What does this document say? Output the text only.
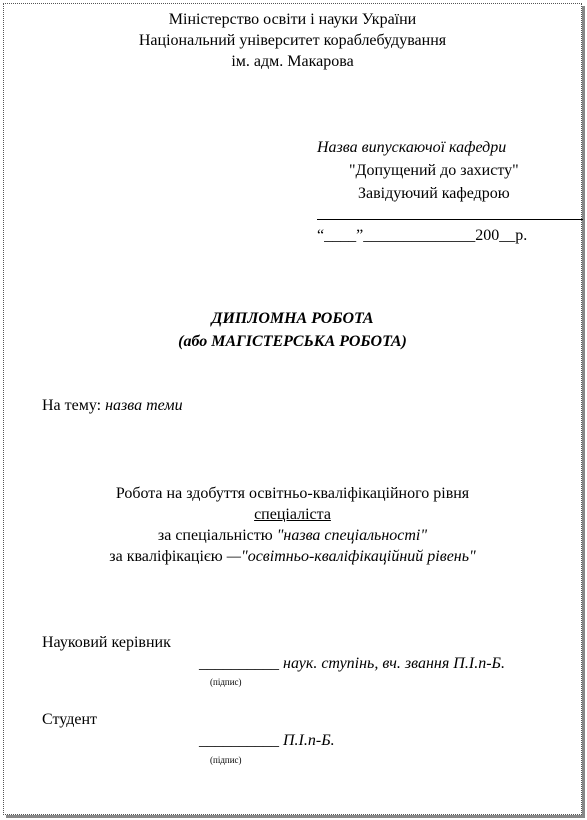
Міністерство освіти і науки України
Національний університет кораблебудування
ім. адм. Макарова
Назва випускаючої кафедри
"Допущений до захисту"
Завідуючий кафедрою
“____”______________200__р.
ДИПЛОМНА РОБОТА
(або МАГІСТЕРСЬКА РОБОТА)
На тему: назва теми
Робота на здобуття освітньо-кваліфікаційного рівня
спеціаліста
за спеціальністю "назва спеціальності"
за кваліфікацією —"освітньо-кваліфікаційний рівень"
Науковий керівник
__________ наук. ступінь, вч. звання П.І.п-Б.
(підпис)
Студент
__________ П.І.п-Б.
(підпис)
